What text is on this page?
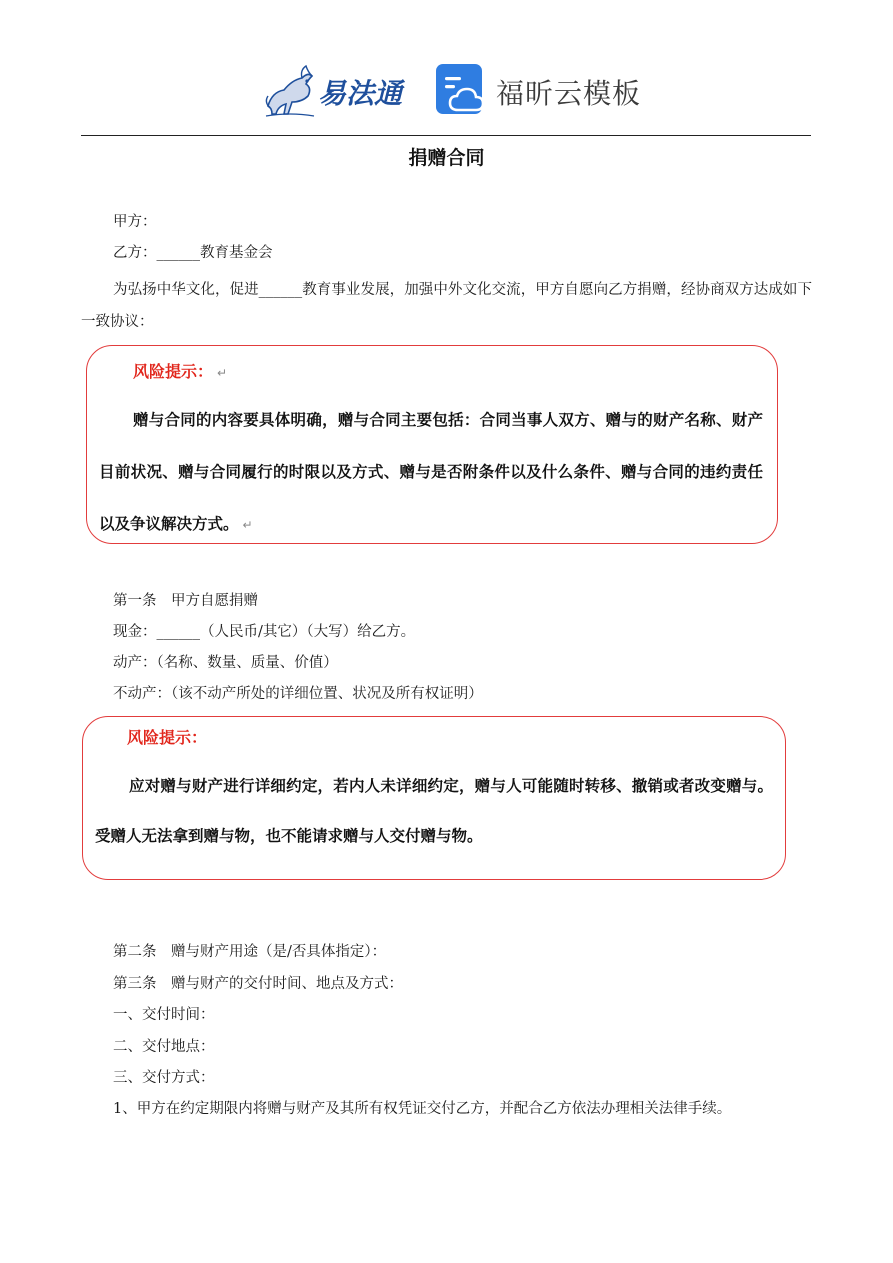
易法通	福昕云模板
捐赠合同
甲方：
乙方：______教育基金会
为弘扬中华文化，促进______教育事业发展，加强中外文化交流，甲方自愿向乙方捐赠，经协商双方达成如下一致协议：
风险提示： ↵
赠与合同的内容要具体明确，赠与合同主要包括：合同当事人双方、赠与的财产名称、财产目前状况、赠与合同履行的时限以及方式、赠与是否附条件以及什么条件、赠与合同的违约责任以及争议解决方式。 ↵
第一条　甲方自愿捐赠
现金：______（人民币/其它）（大写）给乙方。
动产：（名称、数量、质量、价值）
不动产：（该不动产所处的详细位置、状况及所有权证明）
风险提示：
应对赠与财产进行详细约定，若内人未详细约定，赠与人可能随时转移、撤销或者改变赠与。受赠人无法拿到赠与物，也不能请求赠与人交付赠与物。
第二条　赠与财产用途（是/否具体指定）：
第三条　赠与财产的交付时间、地点及方式：
一、交付时间：
二、交付地点：
三、交付方式：
1、甲方在约定期限内将赠与财产及其所有权凭证交付乙方，并配合乙方依法办理相关法律手续。
